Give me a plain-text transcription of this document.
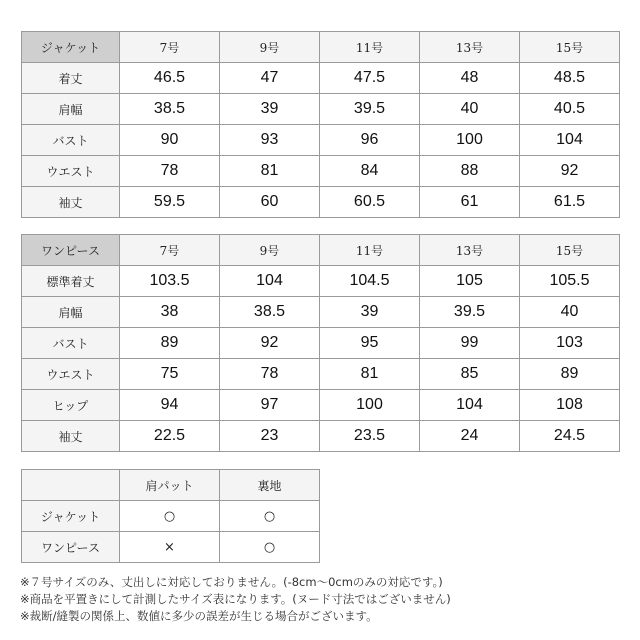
ジャケット	7号	9号	11号	13号	15号
着丈	46.5	47	47.5	48	48.5
肩幅	38.5	39	39.5	40	40.5
バスト	90	93	96	100	104
ウエスト	78	81	84	88	92
袖丈	59.5	60	60.5	61	61.5
ワンピース	7号	9号	11号	13号	15号
標準着丈	103.5	104	104.5	105	105.5
肩幅	38	38.5	39	39.5	40
バスト	89	92	95	99	103
ウエスト	75	78	81	85	89
ヒップ	94	97	100	104	108
袖丈	22.5	23	23.5	24	24.5
	肩パット	裏地
ジャケット	○	○
ワンピース	×	○
※７号サイズのみ、丈出しに対応しておりません。(-8cm～0cmのみの対応です。)
※商品を平置きにして計測したサイズ表になります。(ヌード寸法ではございません)
※裁断/縫製の関係上、数値に多少の誤差が生じる場合がございます。
